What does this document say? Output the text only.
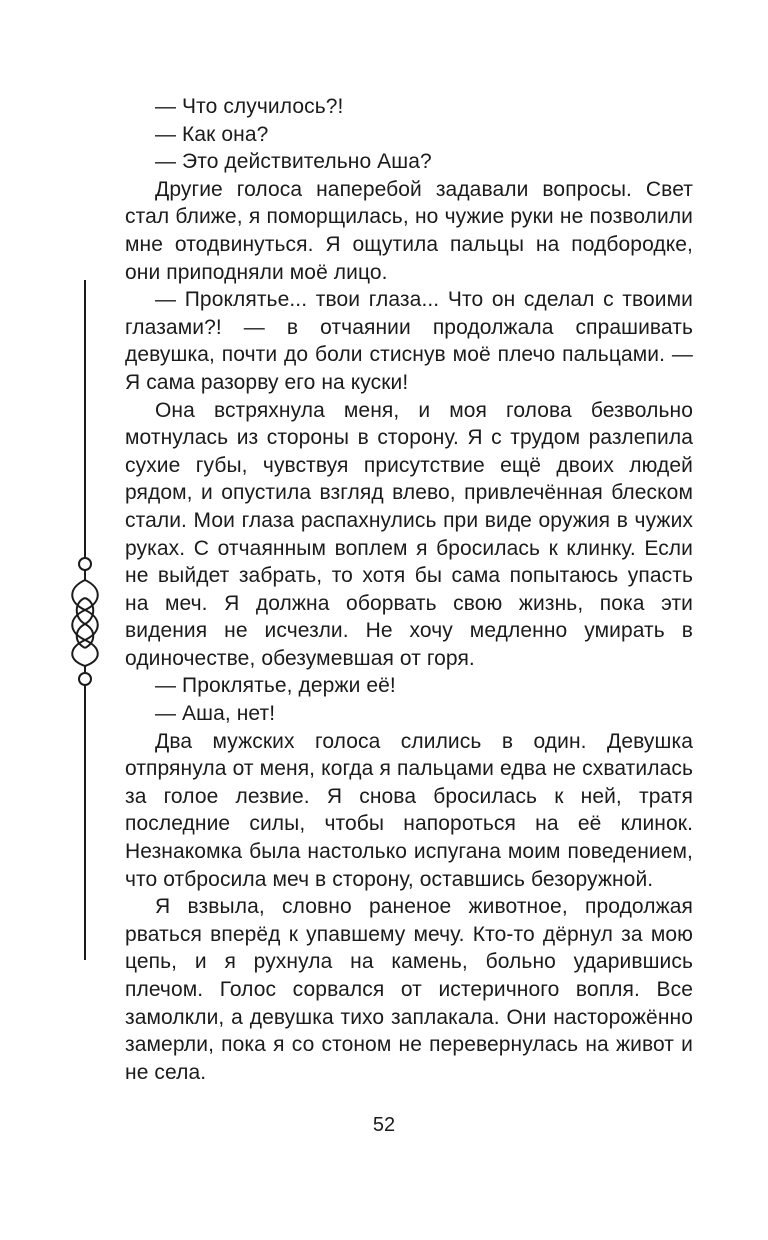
— Что случилось?!

— Как она?

— Это действительно Аша?

Другие голоса наперебой задавали вопросы. Свет стал ближе, я поморщилась, но чужие руки не позволили мне отодвинуться. Я ощутила пальцы на подбородке, они приподняли моё лицо.

— Проклятье... твои глаза... Что он сделал с твоими глазами?! — в отчаянии продолжала спрашивать девушка, почти до боли стиснув моё плечо пальцами. — Я сама разорву его на куски!

Она встряхнула меня, и моя голова безвольно мотнулась из стороны в сторону. Я с трудом разлепила сухие губы, чувствуя присутствие ещё двоих людей рядом, и опустила взгляд влево, привлечённая блеском стали. Мои глаза распахнулись при виде оружия в чужих руках. С отчаянным воплем я бросилась к клинку. Если не выйдет забрать, то хотя бы сама попытаюсь упасть на меч. Я должна оборвать свою жизнь, пока эти видения не исчезли. Не хочу медленно умирать в одиночестве, обезумевшая от горя.

— Проклятье, держи её!

— Аша, нет!

Два мужских голоса слились в один. Девушка отпрянула от меня, когда я пальцами едва не схватилась за голое лезвие. Я снова бросилась к ней, тратя последние силы, чтобы напороться на её клинок. Незнакомка была настолько испугана моим поведением, что отбросила меч в сторону, оставшись безоружной.

Я взвыла, словно раненое животное, продолжая рваться вперёд к упавшему мечу. Кто-то дёрнул за мою цепь, и я рухнула на камень, больно ударившись плечом. Голос сорвался от истеричного вопля. Все замолкли, а девушка тихо заплакала. Они насторожённо замерли, пока я со стоном не перевернулась на живот и не села.

52
